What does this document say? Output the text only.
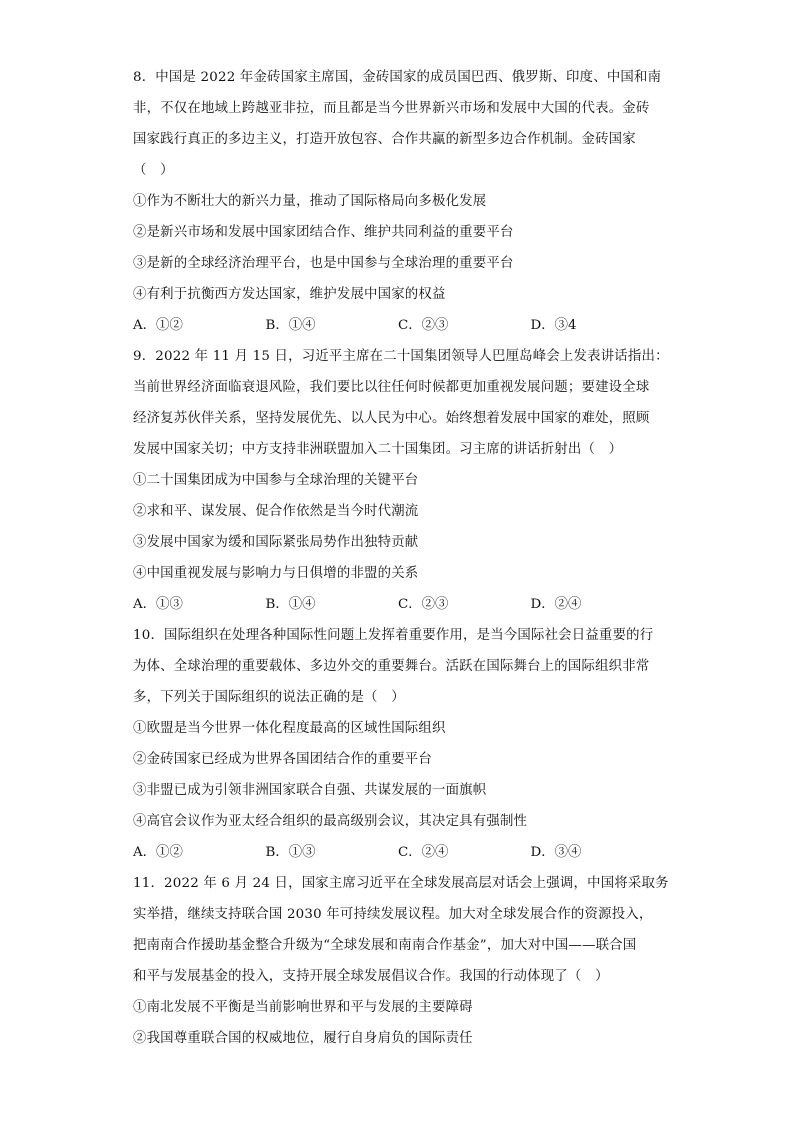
8．中国是 2022 年金砖国家主席国，金砖国家的成员国巴西、俄罗斯、印度、中国和南
非，不仅在地域上跨越亚非拉，而且都是当今世界新兴市场和发展中大国的代表。金砖
国家践行真正的多边主义，打造开放包容、合作共赢的新型多边合作机制。金砖国家
（　）
①作为不断壮大的新兴力量，推动了国际格局向多极化发展
②是新兴市场和发展中国家团结合作、维护共同利益的重要平台
③是新的全球经济治理平台，也是中国参与全球治理的重要平台
④有利于抗衡西方发达国家，维护发展中国家的权益
A．①②	B．①④	C．②③	D．③4
9．2022 年 11 月 15 日，习近平主席在二十国集团领导人巴厘岛峰会上发表讲话指出：
当前世界经济面临衰退风险，我们要比以往任何时候都更加重视发展问题；要建设全球
经济复苏伙伴关系，坚持发展优先、以人民为中心。始终想着发展中国家的难处，照顾
发展中国家关切；中方支持非洲联盟加入二十国集团。习主席的讲话折射出（　）
①二十国集团成为中国参与全球治理的关键平台
②求和平、谋发展、促合作依然是当今时代潮流
③发展中国家为缓和国际紧张局势作出独特贡献
④中国重视发展与影响力与日俱增的非盟的关系
A．①③	B．①④	C．②③	D．②④
10．国际组织在处理各种国际性问题上发挥着重要作用，是当今国际社会日益重要的行
为体、全球治理的重要载体、多边外交的重要舞台。活跃在国际舞台上的国际组织非常
多，下列关于国际组织的说法正确的是（　）
①欧盟是当今世界一体化程度最高的区域性国际组织
②金砖国家已经成为世界各国团结合作的重要平台
③非盟已成为引领非洲国家联合自强、共谋发展的一面旗帜
④高官会议作为亚太经合组织的最高级别会议，其决定具有强制性
A．①②	B．①③	C．②④	D．③④
11．2022 年 6 月 24 日，国家主席习近平在全球发展高层对话会上强调，中国将采取务
实举措，继续支持联合国 2030 年可持续发展议程。加大对全球发展合作的资源投入，
把南南合作援助基金整合升级为“全球发展和南南合作基金”，加大对中国——联合国
和平与发展基金的投入，支持开展全球发展倡议合作。我国的行动体现了（　）
①南北发展不平衡是当前影响世界和平与发展的主要障碍
②我国尊重联合国的权威地位，履行自身肩负的国际责任
